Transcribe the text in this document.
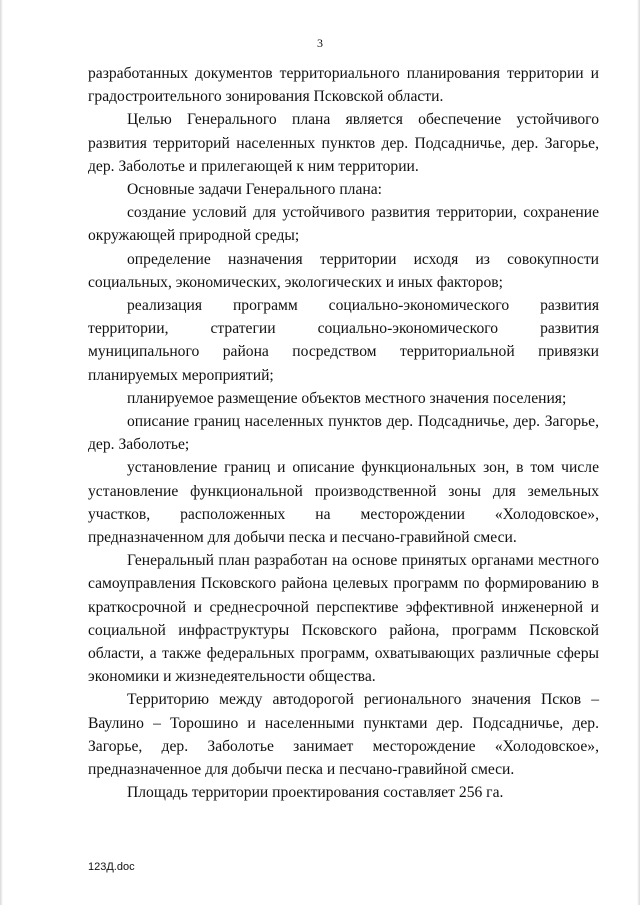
3

разработанных документов территориального планирования территории и градостроительного зонирования Псковской области.

Целью Генерального плана является обеспечение устойчивого развития территорий населенных пунктов дер. Подсадничье, дер. Загорье, дер. Заболотье и прилегающей к ним территории.

Основные задачи Генерального плана:

создание условий для устойчивого развития территории, сохранение окружающей природной среды;

определение назначения территории исходя из совокупности социальных, экономических, экологических и иных факторов;

реализация программ социально-экономического развития территории, стратегии социально-экономического развития муниципального района посредством территориальной привязки планируемых мероприятий;

планируемое размещение объектов местного значения поселения;

описание границ населенных пунктов дер. Подсадничье, дер. Загорье, дер. Заболотье;

установление границ и описание функциональных зон, в том числе установление функциональной производственной зоны для земельных участков, расположенных на месторождении «Холодовское», предназначенном для добычи песка и песчано-гравийной смеси.

Генеральный план разработан на основе принятых органами местного самоуправления Псковского района целевых программ по формированию в краткосрочной и среднесрочной перспективе эффективной инженерной и социальной инфраструктуры Псковского района, программ Псковской области, а также федеральных программ, охватывающих различные сферы экономики и жизнедеятельности общества.

Территорию между автодорогой регионального значения Псков – Ваулино – Торошино и населенными пунктами дер. Подсадничье, дер. Загорье, дер. Заболотье занимает месторождение «Холодовское», предназначенное для добычи песка и песчано-гравийной смеси.

Площадь территории проектирования составляет 256 га.

123Д.doc
